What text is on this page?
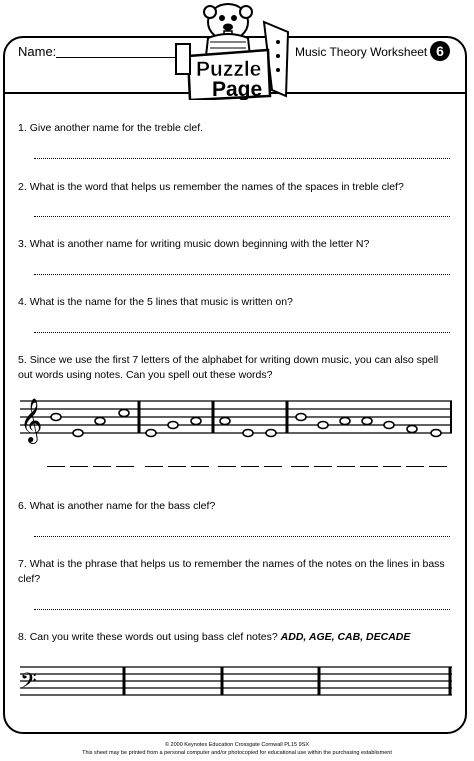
Name:	Music Theory Worksheet 6
Puzzle
Page
1. Give another name for the treble clef.
2. What is the word that helps us remember the names of the spaces in treble clef?
3. What is another name for writing music down beginning with the letter N?
4. What is the name for the 5 lines that music is written on?
5. Since we use the first 7 letters of the alphabet for writing down music, you can also spell out words using notes. Can you spell out these words?
𝄞
6. What is another name for the bass clef?
7. What is the phrase that helps us to remember the names of the notes on the lines in bass clef?
8. Can you write these words out using bass clef notes? ADD, AGE, CAB, DECADE
𝄢
© 2000 Keynotes Education Crossgate Cornwall PL15 9SX
This sheet may be printed from a personal computer and/or photocopied for educational use within the purchasing establisment
